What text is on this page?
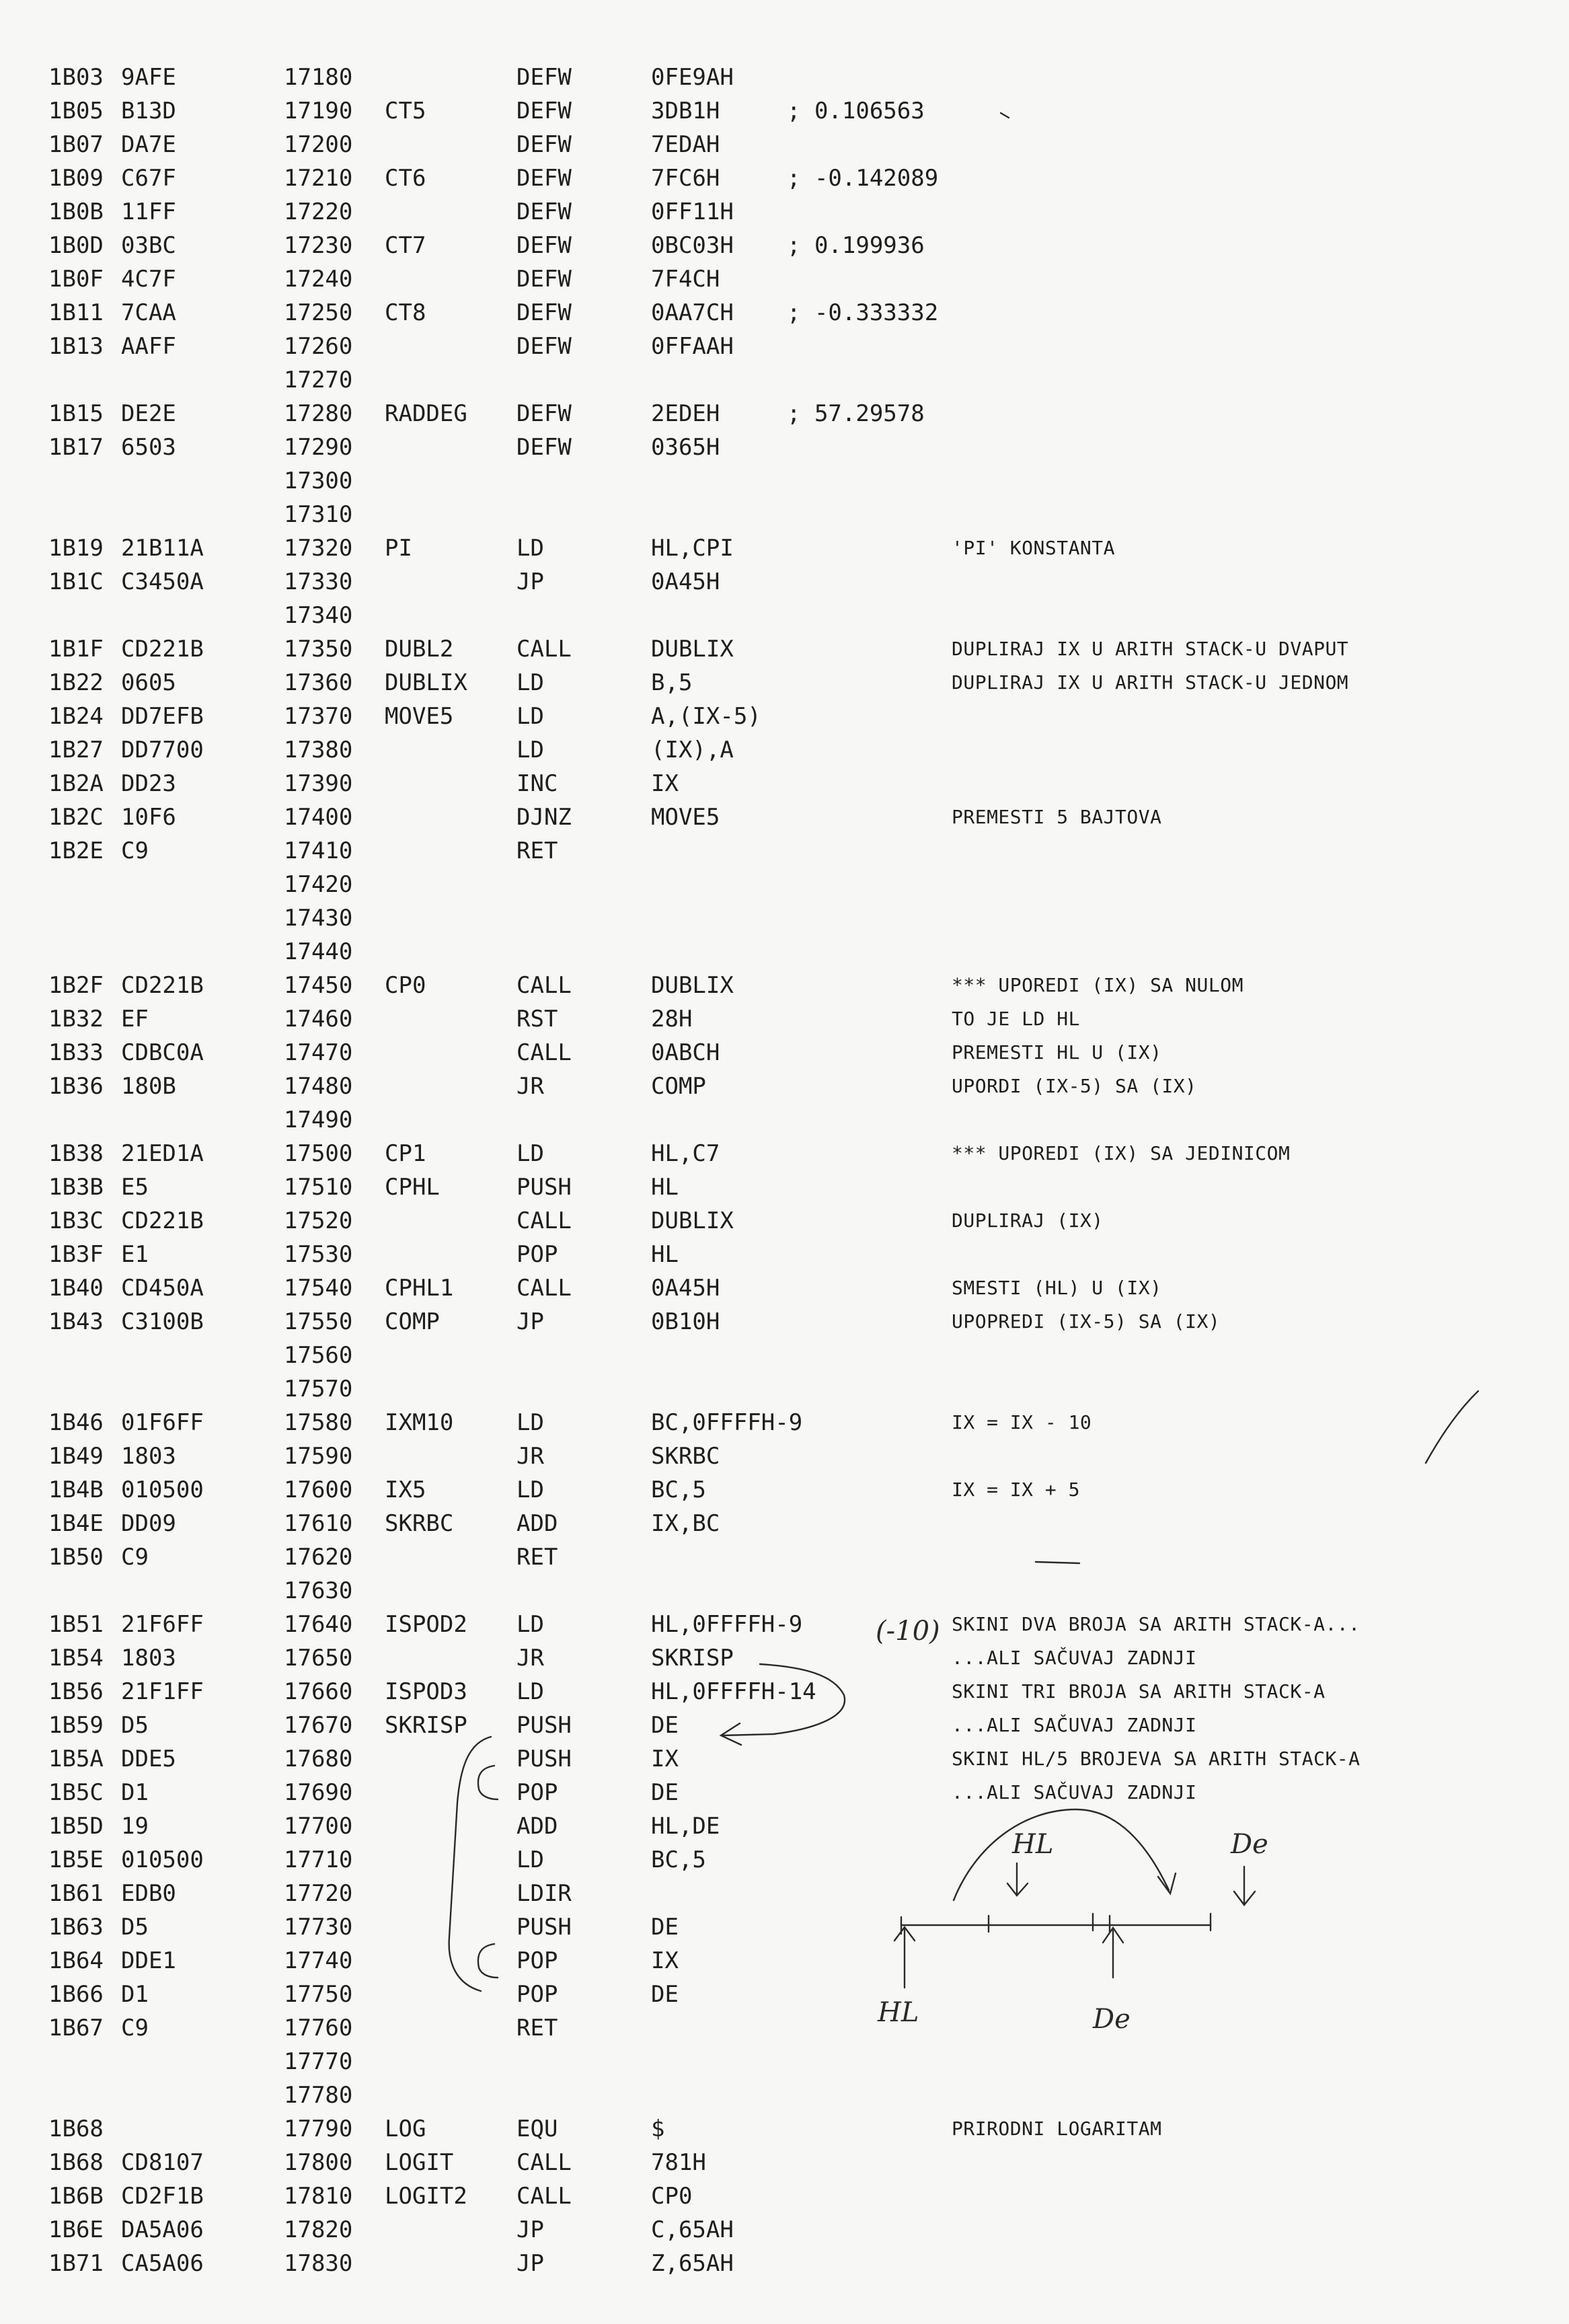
1B03 9AFE	17180	DEFW	0FE9AH
1B05 B13D	17190 CT5	DEFW	3DB1H	; 0.106563
1B07 DA7E	17200	DEFW	7EDAH
1B09 C67F	17210 CT6	DEFW	7FC6H	; -0.142089
1B0B 11FF	17220	DEFW	0FF11H
1B0D 03BC	17230 CT7	DEFW	0BC03H ; 0.199936
1B0F 4C7F	17240	DEFW	7F4CH
1B11 7CAA	17250 CT8	DEFW	0AA7CH ; -0.333332
1B13 AAFF	17260	DEFW	0FFAAH
17270
1B15 DE2E	17280 RADDEG DEFW	2EDEH	; 57.29578
1B17 6503	17290	DEFW	0365H
17300
17310
1B19 21B11A	17320 PI	LD	HL,CPI	'PI' KONSTANTA
1B1C C3450A	17330	JP	0A45H
17340
1B1F CD221B	17350 DUBL2	CALL	DUBLIX	DUPLIRAJ IX U ARITH STACK-U DVAPUT
1B22 0605	17360 DUBLIX LD	B,5	DUPLIRAJ IX U ARITH STACK-U JEDNOM
1B24 DD7EFB	17370 MOVE5	LD	A,(IX-5)
1B27 DD7700	17380	LD	(IX),A
1B2A DD23	17390	INC	IX
1B2C 10F6	17400	DJNZ	MOVE5	PREMESTI 5 BAJTOVA
1B2E C9	17410	RET
17420
17430
17440
1B2F CD221B	17450 CP0	CALL	DUBLIX	*** UPOREDI (IX) SA NULOM
1B32 EF	17460	RST	28H	TO JE LD HL
1B33 CDBC0A	17470	CALL	0ABCH	PREMESTI HL U (IX)
1B36 180B	17480	JR	COMP	UPORDI (IX-5) SA (IX)
17490
1B38 21ED1A	17500 CP1	LD	HL,C7	*** UPOREDI (IX) SA JEDINICOM
1B3B E5	17510 CPHL	PUSH	HL
1B3C CD221B	17520	CALL	DUBLIX	DUPLIRAJ (IX)
1B3F E1	17530	POP	HL
1B40 CD450A	17540 CPHL1	CALL	0A45H	SMESTI (HL) U (IX)
1B43 C3100B	17550 COMP	JP	0B10H	UPOPREDI (IX-5) SA (IX)
17560
17570
1B46 01F6FF	17580 IXM10	LD	BC,0FFFFH-9	IX = IX - 10
1B49 1803	17590	JR	SKRBC
1B4B 010500	17600 IX5	LD	BC,5	IX = IX + 5
1B4E DD09	17610 SKRBC	ADD	IX,BC
1B50 C9	17620	RET
17630
1B51 21F6FF	17640 ISPOD2 LD	HL,0FFFFH-9	SKINI DVA BROJA SA ARITH STACK-A...
1B54 1803	17650	JR	SKRISP	...ALI SAČUVAJ ZADNJI
1B56 21F1FF	17660 ISPOD3 LD	HL,0FFFFH-14	SKINI TRI BROJA SA ARITH STACK-A
1B59 D5	17670 SKRISP PUSH	DE	...ALI SAČUVAJ ZADNJI
1B5A DDE5	17680	PUSH	IX	SKINI HL/5 BROJEVA SA ARITH STACK-A
1B5C D1	17690	POP	DE	...ALI SAČUVAJ ZADNJI
1B5D 19	17700	ADD	HL,DE
1B5E 010500	17710	LD	BC,5
1B61 EDB0	17720	LDIR
1B63 D5	17730	PUSH	DE
1B64 DDE1	17740	POP	IX
1B66 D1	17750	POP	DE
1B67 C9	17760	RET
17770
17780
1B68	17790 LOG	EQU	$	PRIRODNI LOGARITAM
1B68 CD8107	17800 LOGIT	CALL	781H
1B6B CD2F1B	17810 LOGIT2 CALL	CP0
1B6E DA5A06	17820	JP	C,65AH
1B71 CA5A06	17830	JP	Z,65AH
(-10)
HL	De
HL	De
